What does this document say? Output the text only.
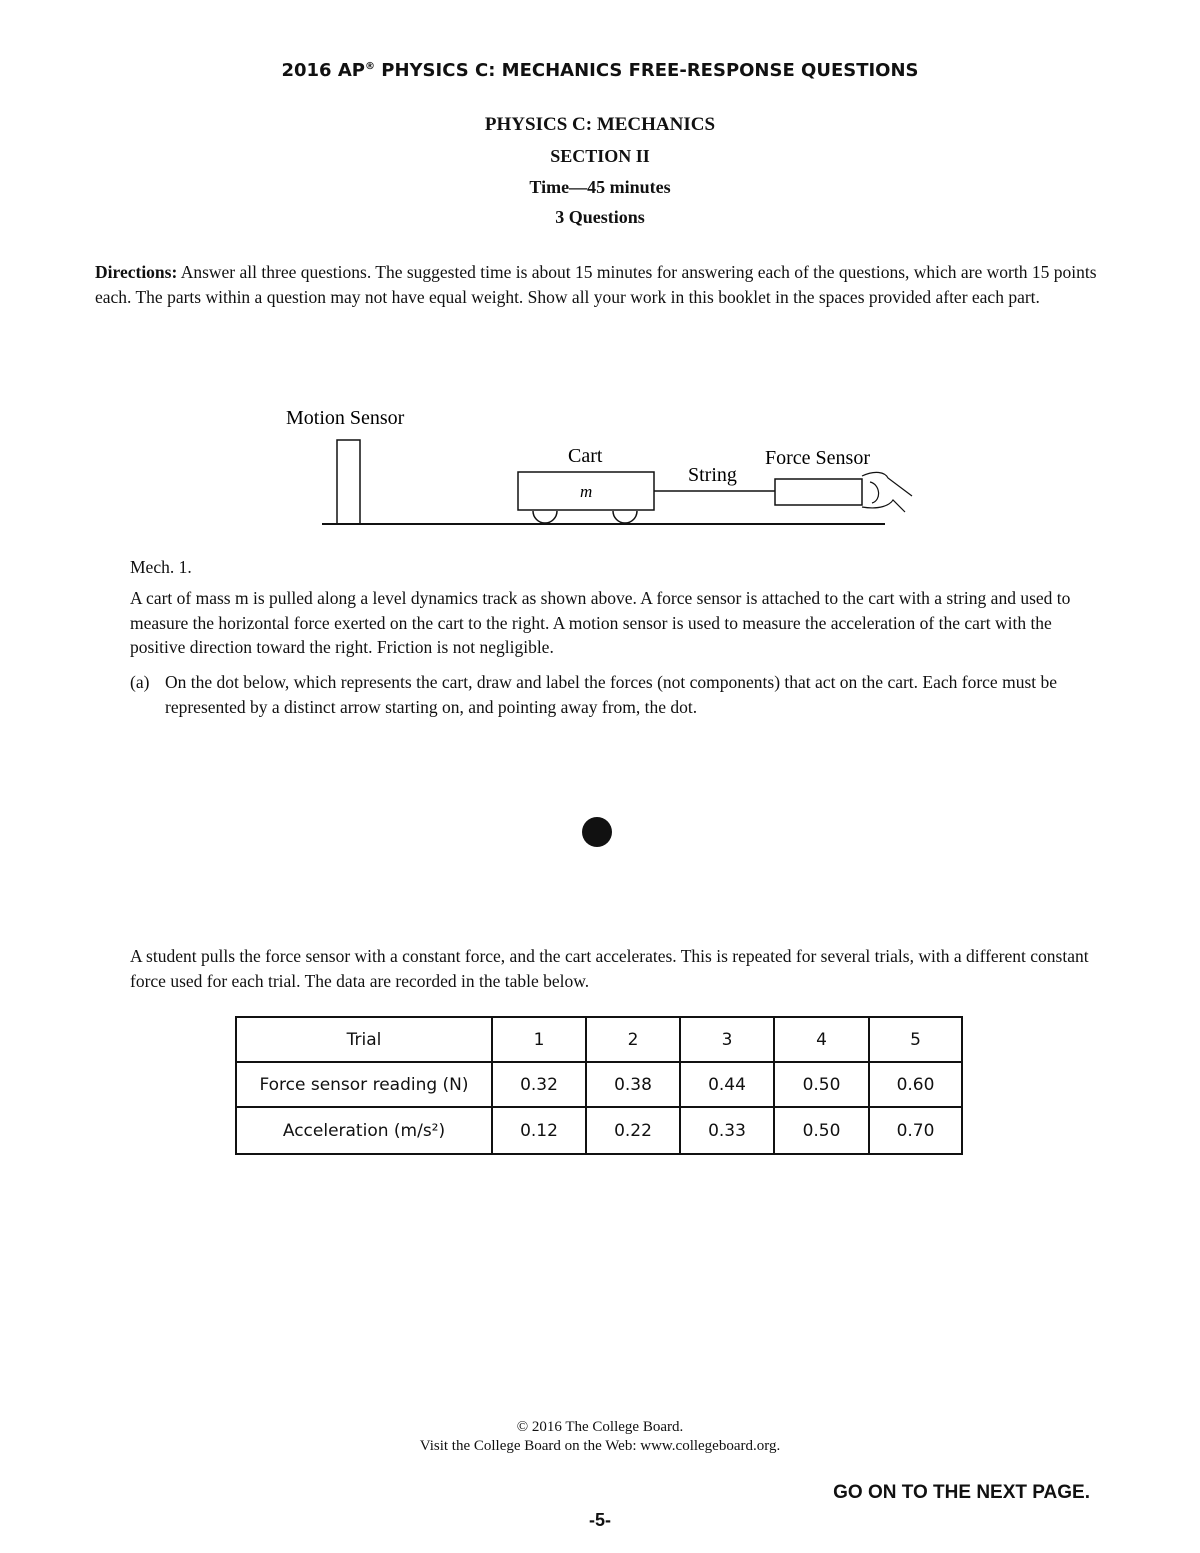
2016 AP® PHYSICS C: MECHANICS FREE-RESPONSE QUESTIONS
PHYSICS C: MECHANICS
SECTION II
Time—45 minutes
3 Questions
Directions: Answer all three questions. The suggested time is about 15 minutes for answering each of the questions, which are worth 15 points each. The parts within a question may not have equal weight. Show all your work in this booklet in the spaces provided after each part.
Motion Sensor
Cart
m
String
Force Sensor
Mech. 1.
A cart of mass m is pulled along a level dynamics track as shown above. A force sensor is attached to the cart with a string and used to measure the horizontal force exerted on the cart to the right. A motion sensor is used to measure the acceleration of the cart with the positive direction toward the right. Friction is not negligible.
(a) On the dot below, which represents the cart, draw and label the forces (not components) that act on the cart. Each force must be represented by a distinct arrow starting on, and pointing away from, the dot.
A student pulls the force sensor with a constant force, and the cart accelerates. This is repeated for several trials, with a different constant force used for each trial. The data are recorded in the table below.
Trial	1	2	3	4	5
Force sensor reading (N)	0.32	0.38	0.44	0.50	0.60
Acceleration (m/s²)	0.12	0.22	0.33	0.50	0.70
© 2016 The College Board.
Visit the College Board on the Web: www.collegeboard.org.
GO ON TO THE NEXT PAGE.
-5-
